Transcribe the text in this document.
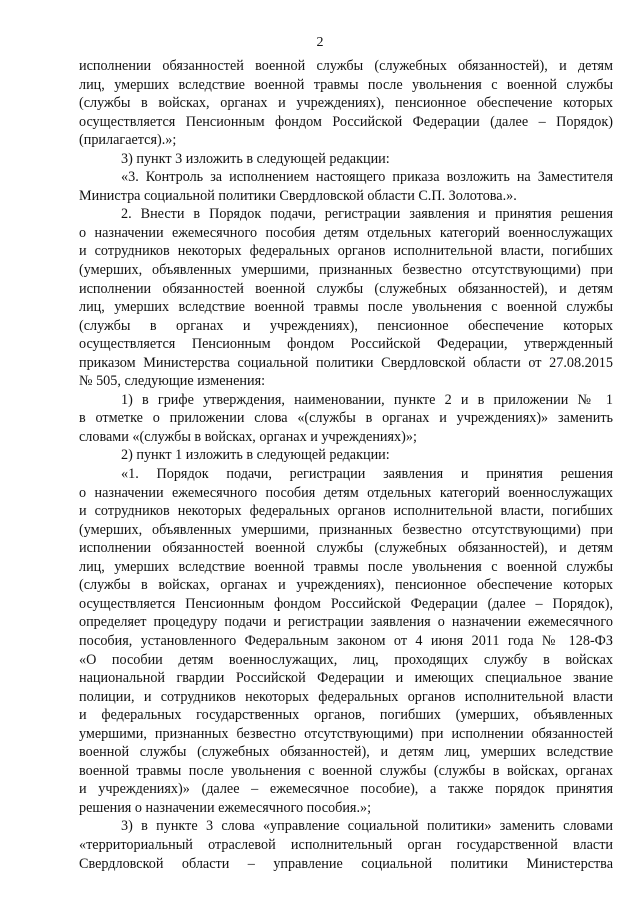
2
исполнении обязанностей военной службы (служебных обязанностей), и детям
лиц, умерших вследствие военной травмы после увольнения с военной службы
(службы в войсках, органах и учреждениях), пенсионное обеспечение которых
осуществляется Пенсионным фондом Российской Федерации (далее – Порядок)
(прилагается).»;
3) пункт 3 изложить в следующей редакции:
«3. Контроль за исполнением настоящего приказа возложить на Заместителя
Министра социальной политики Свердловской области С.П. Золотова.».
2. Внести в Порядок подачи, регистрации заявления и принятия решения
о назначении ежемесячного пособия детям отдельных категорий военнослужащих
и сотрудников некоторых федеральных органов исполнительной власти, погибших
(умерших, объявленных умершими, признанных безвестно отсутствующими) при
исполнении обязанностей военной службы (служебных обязанностей), и детям
лиц, умерших вследствие военной травмы после увольнения с военной службы
(службы в органах и учреждениях), пенсионное обеспечение которых
осуществляется Пенсионным фондом Российской Федерации, утвержденный
приказом Министерства социальной политики Свердловской области от 27.08.2015
№ 505, следующие изменения:
1) в грифе утверждения, наименовании, пункте 2 и в приложении № 1
в отметке о приложении слова «(службы в органах и учреждениях)» заменить
словами «(службы в войсках, органах и учреждениях)»;
2) пункт 1 изложить в следующей редакции:
«1. Порядок подачи, регистрации заявления и принятия решения
о назначении ежемесячного пособия детям отдельных категорий военнослужащих
и сотрудников некоторых федеральных органов исполнительной власти, погибших
(умерших, объявленных умершими, признанных безвестно отсутствующими) при
исполнении обязанностей военной службы (служебных обязанностей), и детям
лиц, умерших вследствие военной травмы после увольнения с военной службы
(службы в войсках, органах и учреждениях), пенсионное обеспечение которых
осуществляется Пенсионным фондом Российской Федерации (далее – Порядок),
определяет процедуру подачи и регистрации заявления о назначении ежемесячного
пособия, установленного Федеральным законом от 4 июня 2011 года № 128-ФЗ
«О пособии детям военнослужащих, лиц, проходящих службу в войсках
национальной гвардии Российской Федерации и имеющих специальное звание
полиции, и сотрудников некоторых федеральных органов исполнительной власти
и федеральных государственных органов, погибших (умерших, объявленных
умершими, признанных безвестно отсутствующими) при исполнении обязанностей
военной службы (служебных обязанностей), и детям лиц, умерших вследствие
военной травмы после увольнения с военной службы (службы в войсках, органах
и учреждениях)» (далее – ежемесячное пособие), а также порядок принятия
решения о назначении ежемесячного пособия.»;
3) в пункте 3 слова «управление социальной политики» заменить словами
«территориальный отраслевой исполнительный орган государственной власти
Свердловской области – управление социальной политики Министерства
